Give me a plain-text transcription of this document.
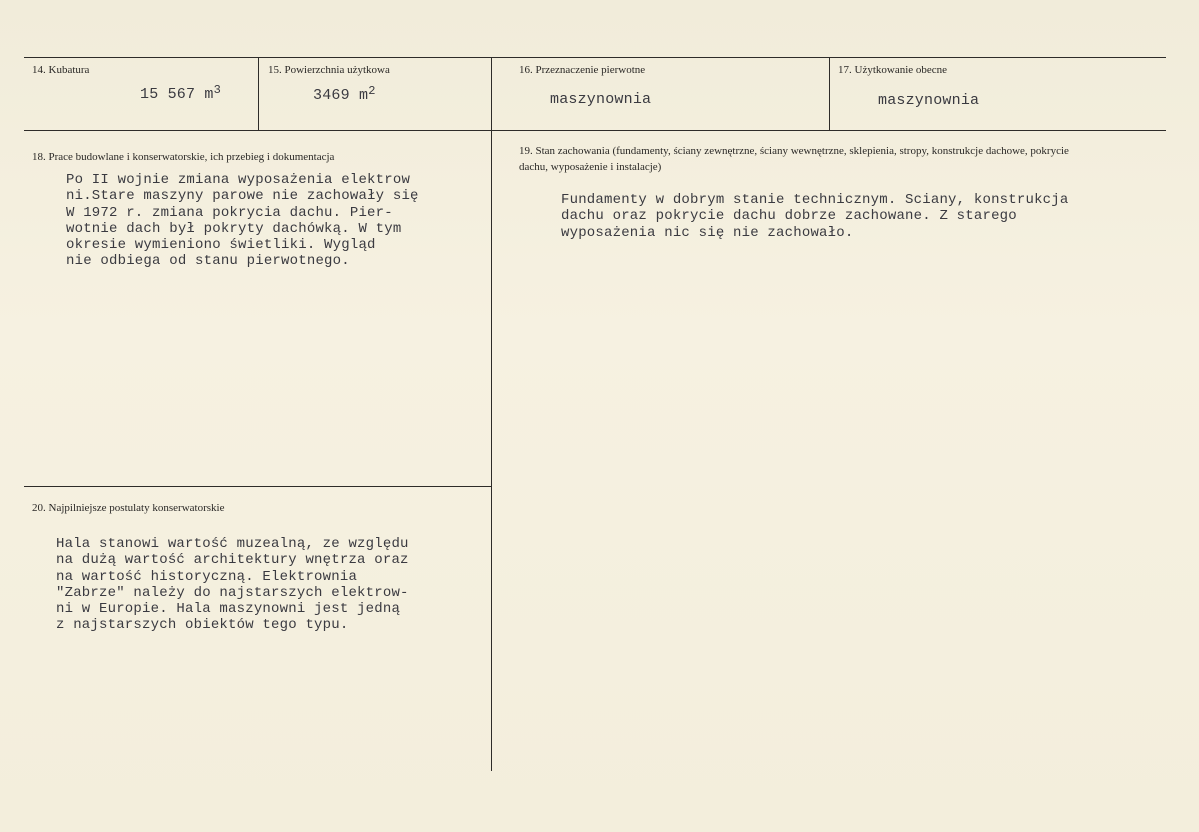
14. Kubatura
15 567 $m^3$
15. Powierzchnia użytkowa
3469 $m^2$
16. Przeznaczenie pierwotne
maszynownia
17. Użytkowanie obecne
maszynownia
18. Prace budowlane i konserwatorskie, ich przebieg i dokumentacja
Po II wojnie zmiana wyposażenia elektrow
ni.Stare maszyny parowe nie zachowały się
W 1972 r. zmiana pokrycia dachu. Pier-
wotnie dach był pokryty dachówką. W tym
okresie wymieniono świetliki. Wygląd
nie odbiega od stanu pierwotnego.
19. Stan zachowania (fundamenty, ściany zewnętrzne, ściany wewnętrzne, sklepienia, stropy, konstrukcje dachowe, pokrycie dachu, wyposażenie i instalacje)
Fundamenty w dobrym stanie technicznym. Sciany, konstrukcja
dachu oraz pokrycie dachu dobrze zachowane. Z starego
wyposażenia nic się nie zachowało.
20. Najpilniejsze postulaty konserwatorskie
Hala stanowi wartość muzealną, ze względu
na dużą wartość architektury wnętrza oraz
na wartość historyczną. Elektrownia
"Zabrze" należy do najstarszych elektrow-
ni w Europie. Hala maszynowni jest jedną
z najstarszych obiektów tego typu.
